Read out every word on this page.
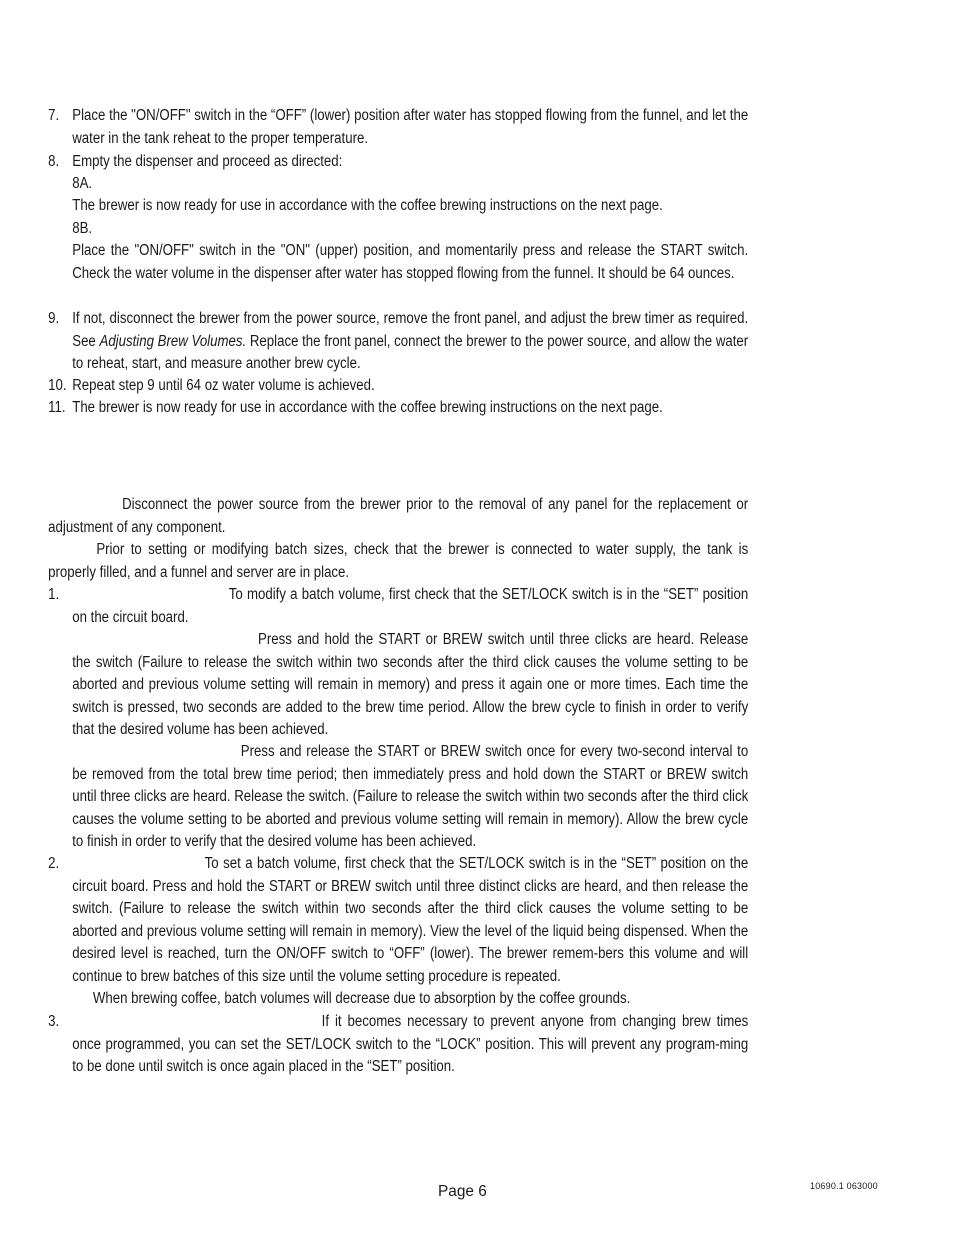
7. Place the "ON/OFF" switch in the “OFF” (lower) position after water has stopped flowing from the funnel, and let the water in the tank reheat to the proper temperature.
8. Empty the dispenser and proceed as directed:
8A.
The brewer is now ready for use in accordance with the coffee brewing instructions on the next page.
8B.
Place the "ON/OFF" switch in the "ON" (upper) position, and momentarily press and release the START switch. Check the water volume in the dispenser after water has stopped flowing from the funnel. It should be 64 ounces.
9. If not, disconnect the brewer from the power source, remove the front panel, and adjust the brew timer as required. See Adjusting Brew Volumes. Replace the front panel, connect the brewer to the power source, and allow the water to reheat, start, and measure another brew cycle.
10. Repeat step 9 until 64 oz water volume is achieved.
11. The brewer is now ready for use in accordance with the coffee brewing instructions on the next page.
Disconnect the power source from the brewer prior to the removal of any panel for the replacement or adjustment of any component.
Prior to setting or modifying batch sizes, check that the brewer is connected to water supply, the tank is properly filled, and a funnel and server are in place.
1.	To modify a batch volume, first check that the SET/LOCK switch is in the “SET” position on the circuit board.
Press and hold the START or BREW switch until three clicks are heard. Release the switch (Failure to release the switch within two seconds after the third click causes the volume setting to be aborted and previous volume setting will remain in memory) and press it again one or more times. Each time the switch is pressed, two seconds are added to the brew time period. Allow the brew cycle to finish in order to verify that the desired volume has been achieved.
Press and release the START or BREW switch once for every two-second interval to be removed from the total brew time period; then immediately press and hold down the START or BREW switch until three clicks are heard. Release the switch. (Failure to release the switch within two seconds after the third click causes the volume setting to be aborted and previous volume setting will remain in memory). Allow the brew cycle to finish in order to verify that the desired volume has been achieved.
2.	To set a batch volume, first check that the SET/LOCK switch is in the “SET” position on the circuit board. Press and hold the START or BREW switch until three distinct clicks are heard, and then release the switch. (Failure to release the switch within two seconds after the third click causes the volume setting to be aborted and previous volume setting will remain in memory). View the level of the liquid being dispensed. When the desired level is reached, turn the ON/OFF switch to “OFF” (lower). The brewer remem-bers this volume and will continue to brew batches of this size until the volume setting procedure is repeated.
When brewing coffee, batch volumes will decrease due to absorption by the coffee grounds.
3.	If it becomes necessary to prevent anyone from changing brew times once programmed, you can set the SET/LOCK switch to the “LOCK” position. This will prevent any program-ming to be done until switch is once again placed in the “SET” position.
Page 6	10690.1 063000
